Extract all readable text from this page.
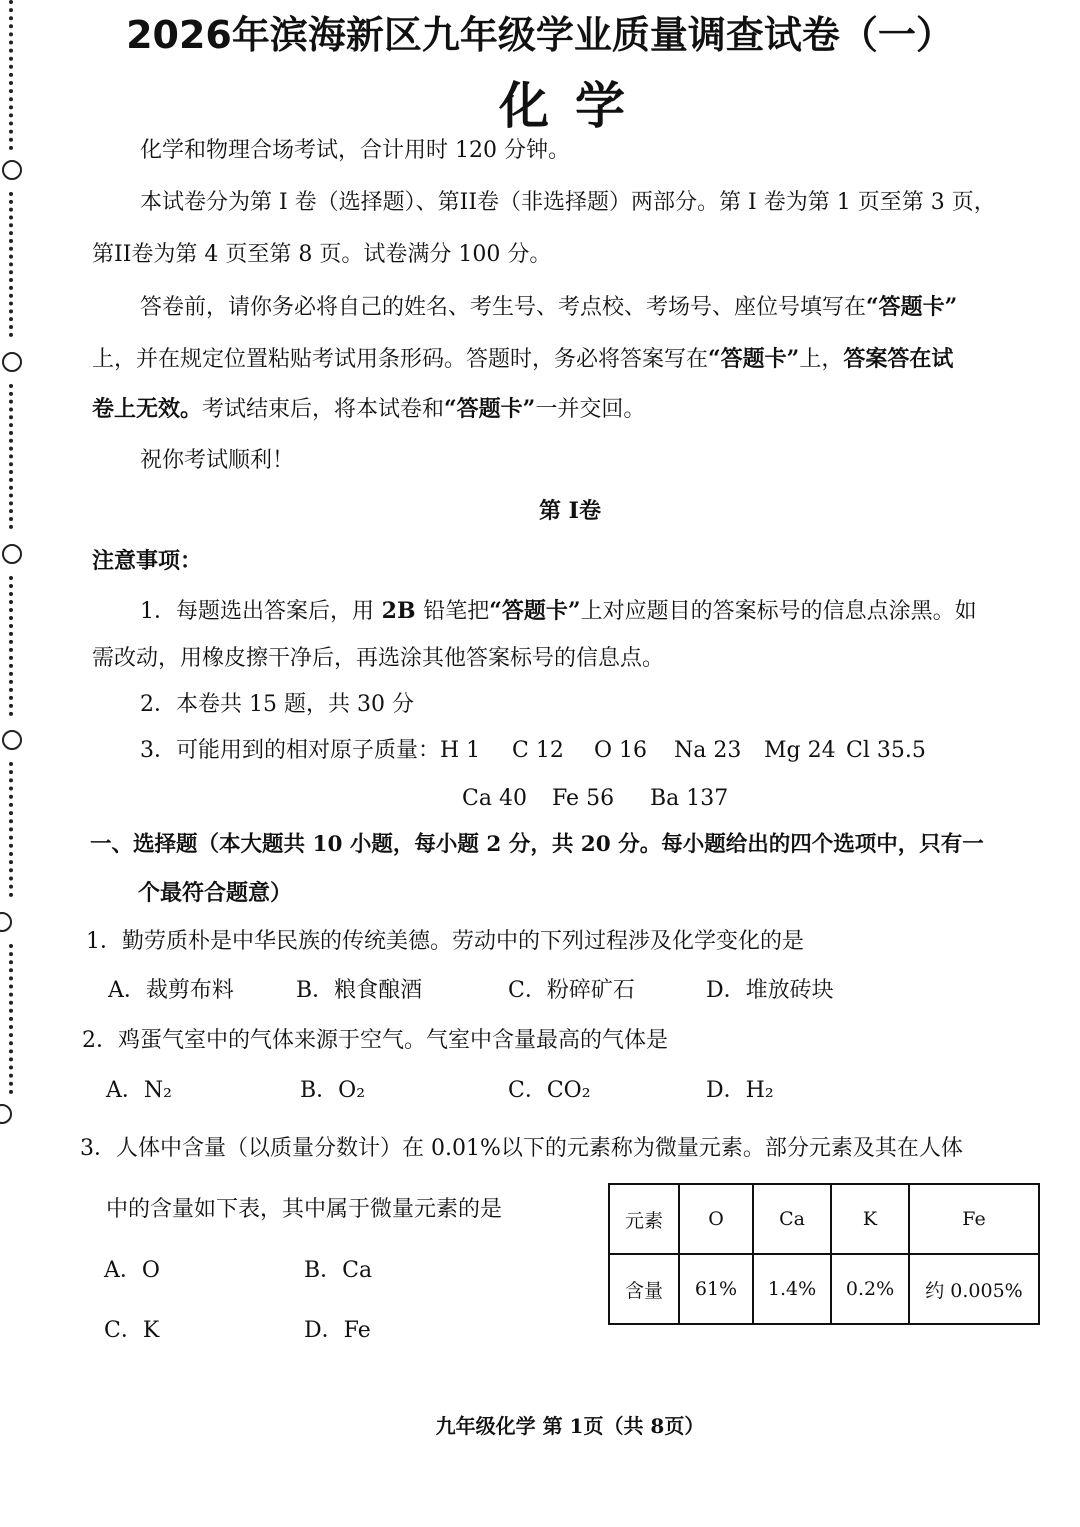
2026年滨海新区九年级学业质量调查试卷（一）
化学

化学和物理合场考试，合计用时 120 分钟。

本试卷分为第 I 卷（选择题）、第II卷（非选择题）两部分。第 I 卷为第 1 页至第 3 页，

第II卷为第 4 页至第 8 页。试卷满分 100 分。

答卷前，请你务必将自己的姓名、考生号、考点校、考场号、座位号填写在“答题卡”

上，并在规定位置粘贴考试用条形码。答题时，务必将答案写在“答题卡”上，答案答在试

卷上无效。考试结束后，将本试卷和“答题卡”一并交回。

祝你考试顺利！

第 I卷

注意事项：

1．每题选出答案后，用 2B 铅笔把“答题卡”上对应题目的答案标号的信息点涂黑。如

需改动，用橡皮擦干净后，再选涂其他答案标号的信息点。

2．本卷共 15 题，共 30 分

3．可能用到的相对原子质量：H 1 C 12 O 16 Na 23 Mg 24 Cl 35.5

Ca 40 Fe 56 Ba 137

一、选择题（本大题共 10 小题，每小题 2 分，共 20 分。每小题给出的四个选项中，只有一

个最符合题意）

1．勤劳质朴是中华民族的传统美德。劳动中的下列过程涉及化学变化的是

A．裁剪布料	B．粮食酿酒	C．粉碎矿石	D．堆放砖块

2．鸡蛋气室中的气体来源于空气。气室中含量最高的气体是

A．N₂	B．O₂	C．CO₂	D．H₂

3．人体中含量（以质量分数计）在 0.01%以下的元素称为微量元素。部分元素及其在人体

中的含量如下表，其中属于微量元素的是

A．O	B．Ca

C．K	D．Fe

元素	O	Ca	K	Fe
含量	61%	1.4%	0.2%	约 0.005%

九年级化学 第 1页（共 8页）
